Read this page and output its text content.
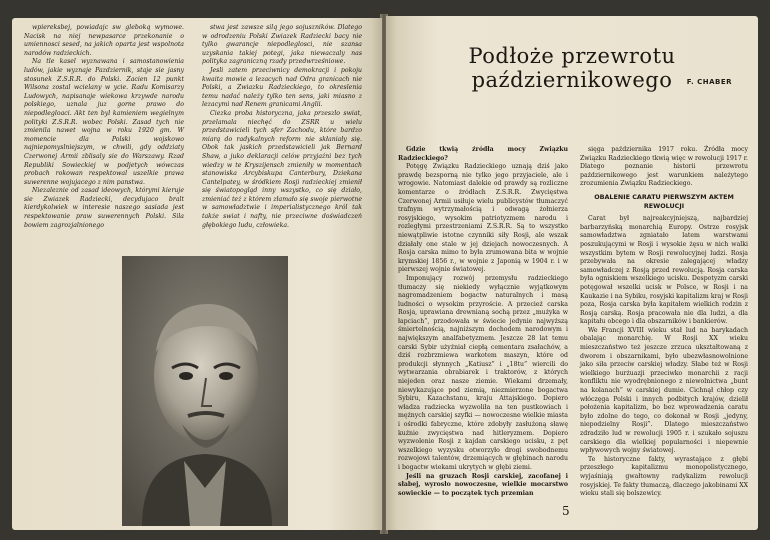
wpiereksbej, powiadajc sw glebokq wymowe. Nacisk na niej newpasarce przekonanie o umiennosci sesed, na jakich oparta jest wspolnota narodów radzieckich.

Na tle kasel wyznawana i samostanowienia ludów, jakie wyznaje Pazdziernik, staje sie jasny stosunek Z.S.R.R. do Polski. Zacien 12 punkt Wilsona zostal wcielany w ycie. Radu Komisarzy Ludowych, napisanaje wiekowa krzywde narodu polskiego, uznala juz gorne prawo do niepodlegloaci. Akt ten byl kamieniem wegielnym polityki Z.S.R.R. wobec Polski. Zasad tych nie zmienila nawet wojna w roku 1920 gm. W momencie dla Polski wojskowo najniepomyslniejszym, w chwili, gdy oddziaty Czerwonej Armii zblisaly sie do Warszawy. Rzad Republiki Sowieckiej w podjetych wówczas probach rokowan respektowal uszelkie prawa suwerenne wojujacego z nim panstwa.

Niezaleznie od zasad ideowych, którymi kieruje sie Zwiazek Radziecki, decydujaco bralt kierdykolwiek w interesie naszego sasiada jest respektowanie praw suwerennych Polski. Sila bowiem zagrozjalnionego

stwa jest zawsze silq jego sojuszników. Dlatego w odrodzeniu Polski Zwiazek Radziecki bacy nie tylko gwarancje niepodleglosci, nie szansa uzyskania takiej potegi, jaka niewaczaly nas polityka zagranicznq rzady przedwrześniowe.

Jesli zatem przeciwnicy demokracji i pokoju kwaita mowie a lezacych nad Odra granicach nie Polski, a Zwiazku Radzieckiego, to okreslenia temu nadać należy tylko ten sens, jaki miasno z lezacymi nad Renem granicami Anglii.

Ciezka proba historyczna, jaka przeszlo swiat, przelamala niechęć do ZSRR u wielu przedstawicieli tych sfer Zachodu, które bardzo miarą do radykalnych reform nie skłaniały się. Obok tak jaskich przedstawicieli jak Bernard Shaw, a juko deklaracji celów przyjaźni bez tych wiedzy w te Kryszijensch zmieniły w momentach stanowiska Arcybiskupa Canterbury, Dziekana Cantelpatey, w śródkiem Rosji radzieckiej zmienił się światopogląd inny wszystko, co się działo, zmieniać też z którem złamało się swoje pierwotne w samowładztwie i imperialistycznego król tak także swiat i nafty, nie przeciwne doświadczeń głębokiego ludu, człowieka.

Podłoże przewrotu październikowego	F. CHABER

Gdzie tkwią źródła mocy Związku Radzieckiego?

Potęgę Związku Radzieckiego uznają dziś jako prawdę bezsporną nie tylko jego przyjaciele, ale i wrogowie. Natomiast dalekie od prawdy są rozliczne komentarze o źródłach Z.S.R.R. Zwycięstwa Czerwonej Armii usiłuje wielu publicystów tłumaczyć trafnym wytrzymałością i odwagą żołnierza rosyjskiego, wysokim patriotyzmem narodu i rozległymi przestrzeniami Z.S.R.R. Są to wszystko niewątpliwie istotne czynniki siły Rosji, ale wszak działały one stale w jej dziejach nowoczesnych. A Rosja carska mimo to była zrumowana bita w wojnie krymskiej 1856 r., w wojnie z Japonią w 1904 r. i w pierwszej wojnie światowej.

Imponujący rozwój przemysłu radzieckiego tłumaczy się niekiedy wyłącznie wyjątkowym nagromadzeniem bogactw naturalnych i masą ludności o wysokim przyroście. A przecież carska Rosja, uprawiana drewnianą sochą przez „mużyka w łapciach”, przodowała w świecie jedynie najwyższą śmiertelnością, najniższym dochodem narodowym i największym analfabetyzmem. Jeszcze 28 lat temu carski Sybir użyźniał ciepłą cementara zsałachów, a dziś rozbrzmiewa warkotem maszyn, które od produkcji słynnych „Katiusz” i „18tu” wiercili do wytwarzania obrabiarek i traktorów, z których niejeden oraz nasze ziemie. Wiekami drzemały, niewykazujące pod ziemią, niezmierzone bogactwa Sybiru, Kazachstanu, kraju Attajskiego. Dopiero władza radziecka wyzwoliła na ten pustkowiach i mężnych carskiej szyfki — nowoczesne wielkie miasta i ośrodki fabryczne, które zdobyły zasłużoną sławę kuźnie zwycięstwa nad hitleryzmem. Dopiero wyzwolenie Rosji z kajdan carskiego ucisku, z pęt wszelkiego wyzysku otworzyło drogi swobodnemu rozwojowi talentów, drzemiących w głębinach narodu i bogactw wiekami ukrytych w głębi ziemi.

Jeśli na gruzach Rosji carskiej, zacofanej i słabej, wyrosło nowoczesne, wielkie mocarstwo sowieckie — to początek tych przemian

sięga października 1917 roku. Źródła mocy Związku Radzieckiego tkwią więc w rewolucji 1917 r. Dlatego poznanie historii przewrotu październikowego jest warunkiem należytego zrozumienia Związku Radzieckiego.

OBALENIE CARATU PIERWSZYM AKTEM REWOLUCJI

Carat był najreakcyjniejszą, najbardziej barbarzyńską monarchią Europy. Ostrze rosyjsk samowładztwa zgniatało latem warstwami poszukującymi w Rosji i wysokie żęsu w nich walki wszystkim bytem w Rosji rewolucyjnej ludzi. Rosja przebywała na okresie zalegającej władzy samowładczej z Rosją przed rewolucją. Rosja carska była ogniskiem wszelkiego ucisku. Despotyzm carski potęgował wszelki ucisk w Polsce, w Rosji i na Kaukazie i na Sybiku, rosyjski kapitalizm kraj w Rosji poza, Rosja carska była kapitałem wielkich rodzin z Rosją carską. Rosja pracowała nie dla ludzi, a dla kapitału obcego i dla obszarników i bankierów.

We Francji XVIII wieku stał lud na barykadach obalając monarchię. W Rosji XX wieku mieszczaństwo też jeszcze zrzuca ukształtowaną z dworem i obszarnikami, było ubezwłasnowolnione jako siła przeciw carskiej władzy. Słabe też w Rosji wielkiego burżuazji przeciwko monarchii z racji konfliktu nie wyodrębnionego z niewolnictwa „bunt na kolanach” w carskiej dumie. Cichnął chłop czy włóczęga Polski i innych podbitych krajów, dzielił położenia kapitalizm, bo bez wprowadzenia caratu było zdolne do tego, co dokonał w Rosji „jedyny, niepodzielny Rosji”. Dlatego mieszczaństwo zdradziło lud w rewolucji 1905 r. i szukało sojuszu carskiego dla wielkiej popularności i niepewnie wpływowych wojny światowej.

Te historyczne fakty, wyrastające z głębi przeszłego kapitalizmu monopolistycznego, wyjaśniają gwałtowny radykalizm rewolucji rosyjskiej. Te fakty tłumaczą, dlaczego jakobinami XX wieku stali się bolszewicy.

5
